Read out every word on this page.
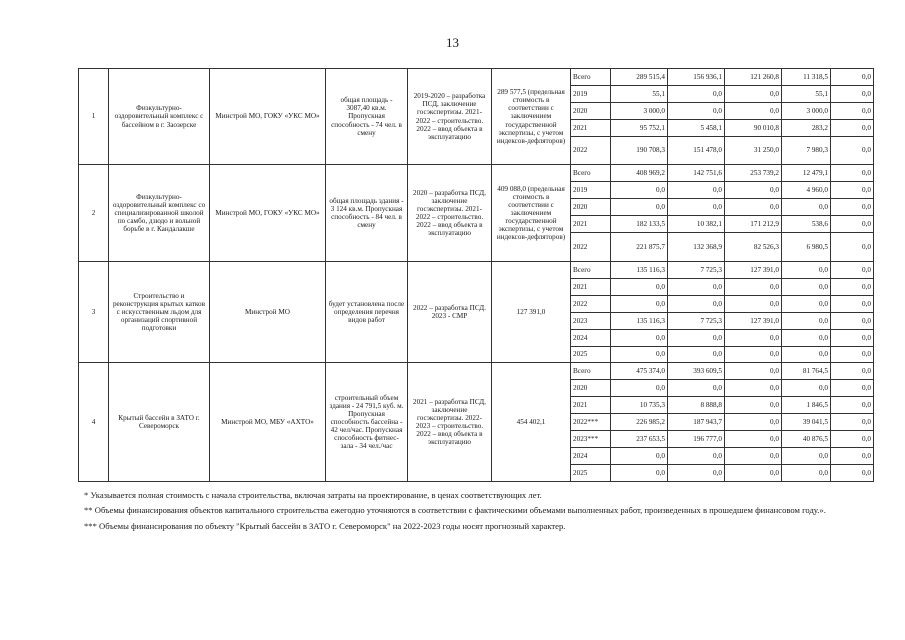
13
1	Физкультурно-оздоровительный комплекс с бассейном в г. Заозерске	Минстрой МО, ГОКУ «УКС МО»	общая площадь - 3087,40 кв.м. Пропускная способность - 74 чел. в смену	2019-2020 – разработка ПСД, заключение госэкспертизы. 2021-2022 – строительство. 2022 – ввод объекта в эксплуатацию	289 577,5 (предельная стоимость в соответствии с заключением государственной экспертизы, с учетом индексов-дефляторов)	Всего	289 515,4	156 936,1	121 260,8	11 318,5	0,0
						2019	55,1	0,0	0,0	55,1	0,0
						2020	3 000,0	0,0	0,0	3 000,0	0,0
						2021	95 752,1	5 458,1	90 010,8	283,2	0,0
						2022	190 708,3	151 478,0	31 250,0	7 980,3	0,0
2	Физкультурно-оздоровительный комплекс со специализированной школой по самбо, дзюдо и вольной борьбе в г. Кандалакше	Минстрой МО, ГОКУ «УКС МО»	общая площадь здания - 3 124 кв.м. Пропускная способность - 84 чел. в смену	2020 – разработка ПСД, заключение госэкспертизы. 2021-2022 – строительство. 2022 – ввод объекта в эксплуатацию	409 088,0 (предельная стоимость в соответствии с заключением государственной экспертизы, с учетом индексов-дефляторов)	Всего	408 969,2	142 751,6	253 739,2	12 479,1	0,0
						2019	0,0	0,0	0,0	4 960,0	0,0
						2020	0,0	0,0	0,0	0,0	0,0
						2021	182 133,5	10 382,1	171 212,9	538,6	0,0
						2022	221 875,7	132 368,9	82 526,3	6 980,5	0,0
3	Строительство и реконструкция крытых катков с искусственным льдом для организаций спортивной подготовки	Минстрой МО	будет установлена после определения перечня видов работ	2022 – разработка ПСД. 2023 - СМР	127 391,0	Всего	135 116,3	7 725,3	127 391,0	0,0	0,0
						2021	0,0	0,0	0,0	0,0	0,0
						2022	0,0	0,0	0,0	0,0	0,0
						2023	135 116,3	7 725,3	127 391,0	0,0	0,0
						2024	0,0	0,0	0,0	0,0	0,0
						2025	0,0	0,0	0,0	0,0	0,0
4	Крытый бассейн в ЗАТО г. Североморск	Минстрой МО, МБУ «АХТО»	строительный объем здания - 24 791,5 куб. м. Пропускная способность бассейна - 42 чел/час. Пропускная способность фитнес-зала - 34 чел./час	2021 – разработка ПСД, заключение госэкспертизы. 2022-2023 – строительство. 2022 – ввод объекта в эксплуатацию	454 402,1	Всего	475 374,0	393 609,5	0,0	81 764,5	0,0
						2020	0,0	0,0	0,0	0,0	0,0
						2021	10 735,3	8 888,8	0,0	1 846,5	0,0
						2022***	226 985,2	187 943,7	0,0	39 041,5	0,0
						2023***	237 653,5	196 777,0	0,0	40 876,5	0,0
						2024	0,0	0,0	0,0	0,0	0,0
						2025	0,0	0,0	0,0	0,0	0,0

* Указывается полная стоимость с начала строительства, включая затраты на проектирование, в ценах соответствующих лет.

** Объемы финансирования объектов капитального строительства ежегодно уточняются в соответствии с фактическими объемами выполненных работ, произведенных в прошедшем финансовом году.».

*** Объемы финансирования по объекту "Крытый бассейн в ЗАТО г. Североморск" на 2022-2023 годы носят прогнозный характер.
